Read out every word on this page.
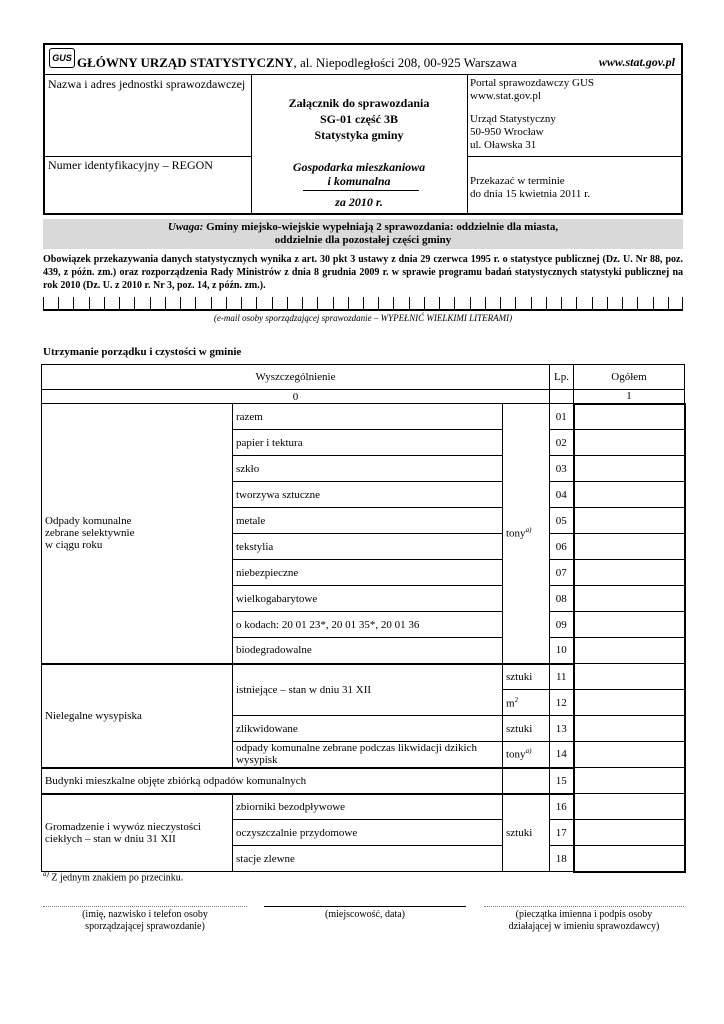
GUS GŁÓWNY URZĄD STATYSTYCZNY, al. Niepodległości 208, 00-925 Warszawa	www.stat.gov.pl
Nazwa i adres jednostki sprawozdawczej
Numer identyfikacyjny – REGON
Załącznik do sprawozdania
SG-01 część 3B
Statystyka gminy
Gospodarka mieszkaniowa
i komunalna
za 2010 r.
Portal sprawozdawczy GUS
www.stat.gov.pl
Urząd Statystyczny
50-950 Wrocław
ul. Oławska 31
Przekazać w terminie
do dnia 15 kwietnia 2011 r.
Uwaga: Gminy miejsko-wiejskie wypełniają 2 sprawozdania: oddzielnie dla miasta,
oddzielnie dla pozostałej części gminy
Obowiązek przekazywania danych statystycznych wynika z art. 30 pkt 3 ustawy z dnia 29 czerwca 1995 r. o statystyce publicznej (Dz. U. Nr 88, poz. 439, z późn. zm.) oraz rozporządzenia Rady Ministrów z dnia 8 grudnia 2009 r. w sprawie programu badań statystycznych statystyki publicznej na rok 2010 (Dz. U. z 2010 r. Nr 3, poz. 14, z późn. zm.).
(e-mail osoby sporządzającej sprawozdanie – WYPEŁNIĆ WIELKIMI LITERAMI)
Utrzymanie porządku i czystości w gminie
Wyszczególnienie			Lp.	Ogółem
0				1

Odpady komunalne
zebrane selektywnie
w ciągu roku	razem	tony$^{a)}$	01	
	papier i tektura		02	
	szkło		03	
	tworzywa sztuczne		04	
	metale		05	
	tekstylia		06	
	niebezpieczne		07	
	wielkogabarytowe		08	
	o kodach: 20 01 23*, 20 01 35*, 20 01 36		09	
	biodegradowalne		10	
Nielegalne wysypiska	istniejące – stan w dniu 31 XII	sztuki	11	
		$m^2$	12	
	zlikwidowane	sztuki	13	
	odpady komunalne zebrane podczas likwidacji dzikich wysypisk	tony$^{a)}$	14	
Budynki mieszkalne objęte zbiórką odpadów komunalnych			15	

Gromadzenie i wywóz nieczystości
ciekłych – stan w dniu 31 XII	zbiorniki bezodpływowe	sztuki	16	
	oczyszczalnie przydomowe		17	
	stacje zlewne		18	
$^{a)}$ Z jednym znakiem po przecinku.
(imię, nazwisko i telefon osoby
sporządzającej sprawozdanie)
(miejscowość, data)	(pieczątka imienna i podpis osoby
działającej w imieniu sprawozdawcy)
